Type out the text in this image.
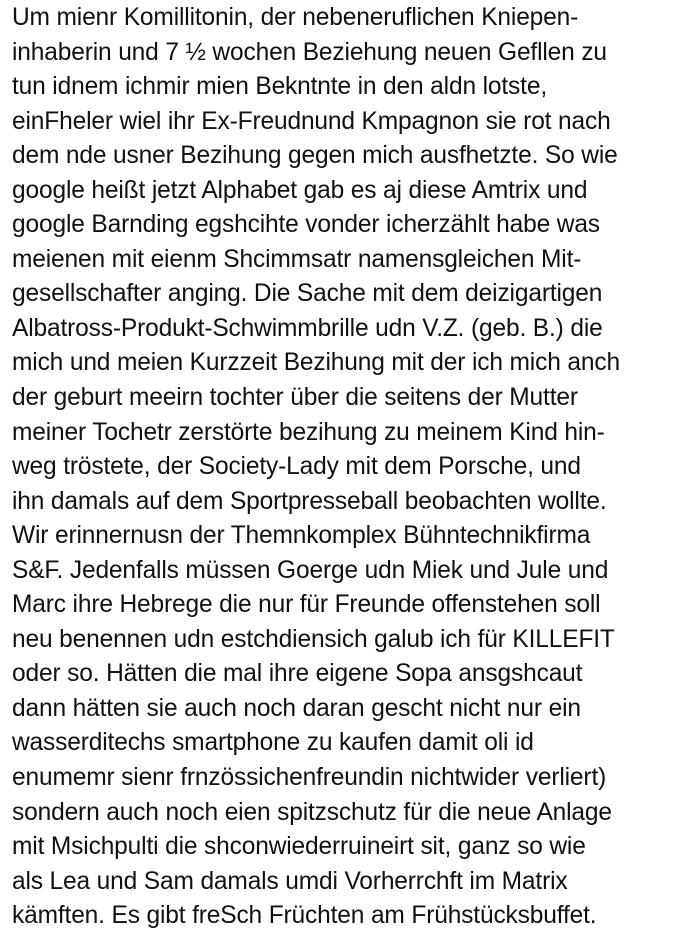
Um mienr Komillitonin, der nebeneruflichen Kniepen-
inhaberin und 7 ½ wochen Beziehung neuen Gefllen zu
tun idnem ichmir mien Bekntnte in den aldn lotste,
einFheler wiel ihr Ex-Freudnund Kmpagnon sie rot nach
dem nde usner Bezihung gegen mich ausfhetzte. So wie
google heißt jetzt Alphabet gab es aj diese Amtrix und
google Barnding egshcihte vonder icherzählt habe was
meienen mit eienm Shcimmsatr namensgleichen Mit-
gesellschafter anging. Die Sache mit dem deizigartigen
Albatross-Produkt-Schwimmbrille udn V.Z. (geb. B.) die
mich und meien Kurzzeit Bezihung mit der ich mich anch
der geburt meeirn tochter über die seitens der Mutter
meiner Tochetr zerstörte bezihung zu meinem Kind hin-
weg tröstete, der Society-Lady mit dem Porsche, und
ihn damals auf dem Sportpresseball beobachten wollte.
Wir erinnernusn der Themnkomplex Bühntechnikfirma
S&F. Jedenfalls müssen Goerge udn Miek und Jule und
Marc ihre Hebrege die nur für Freunde offenstehen soll
neu benennen udn estchdiensich galub ich für KILLEFIT
oder so. Hätten die mal ihre eigene Sopa ansgshcaut
dann hätten sie auch noch daran gescht nicht nur ein
wasserditechs smartphone zu kaufen damit oli id
enumemr sienr frnzössichenfreundin nichtwider verliert)
sondern auch noch eien spitzschutz für die neue Anlage
mit Msichpulti die shconwiederruineirt sit, ganz so wie
als Lea und Sam damals umdi Vorherrchft im Matrix
kämften. Es gibt freSch Früchten am Frühstücksbuffet.
